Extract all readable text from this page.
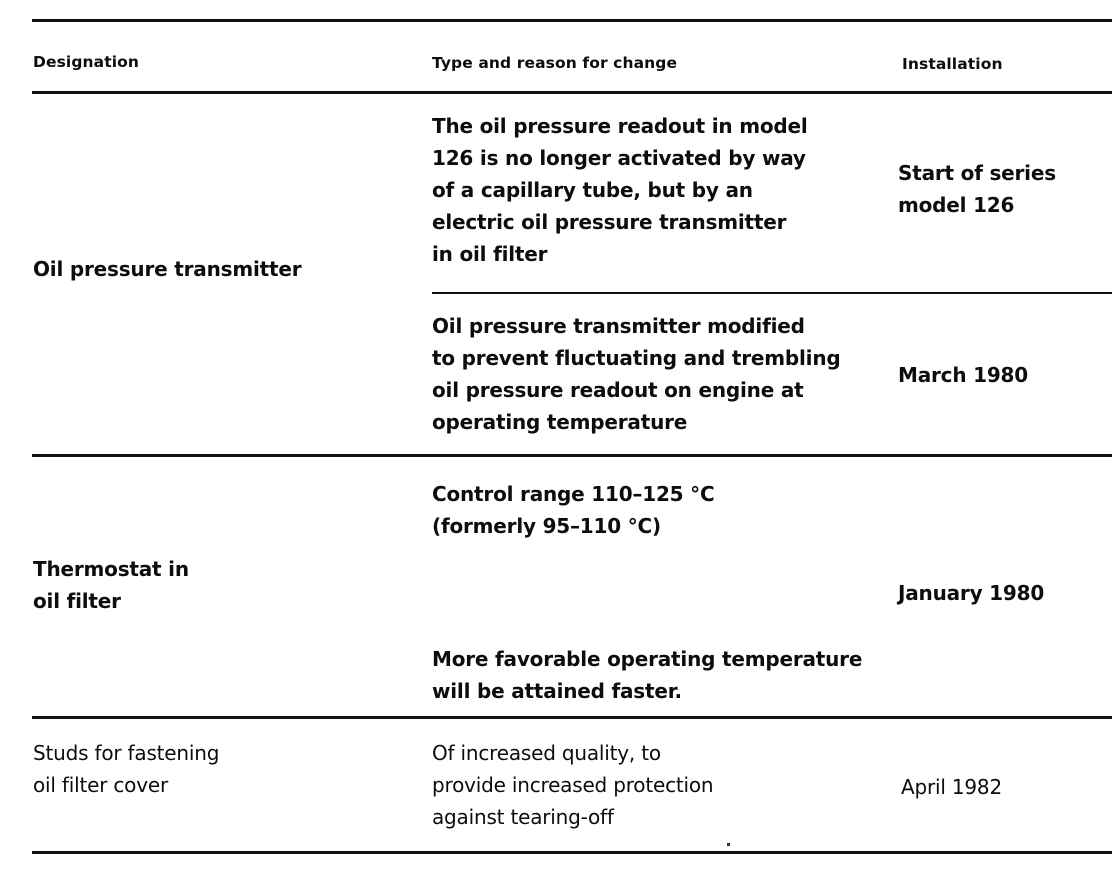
Designation	Type and reason for change	Installation
Oil pressure transmitter
The oil pressure readout in model
126 is no longer activated by way
of a capillary tube, but by an
electric oil pressure transmitter
in oil filter
Start of series
model 126
Oil pressure transmitter modified
to prevent fluctuating and trembling
oil pressure readout on engine at
operating temperature
March 1980
Thermostat in
oil filter
Control range 110–125 °C
(formerly 95–110 °C)
January 1980
More favorable operating temperature
will be attained faster.
Studs for fastening
oil filter cover
Of increased quality, to
provide increased protection
against tearing-off
April 1982
